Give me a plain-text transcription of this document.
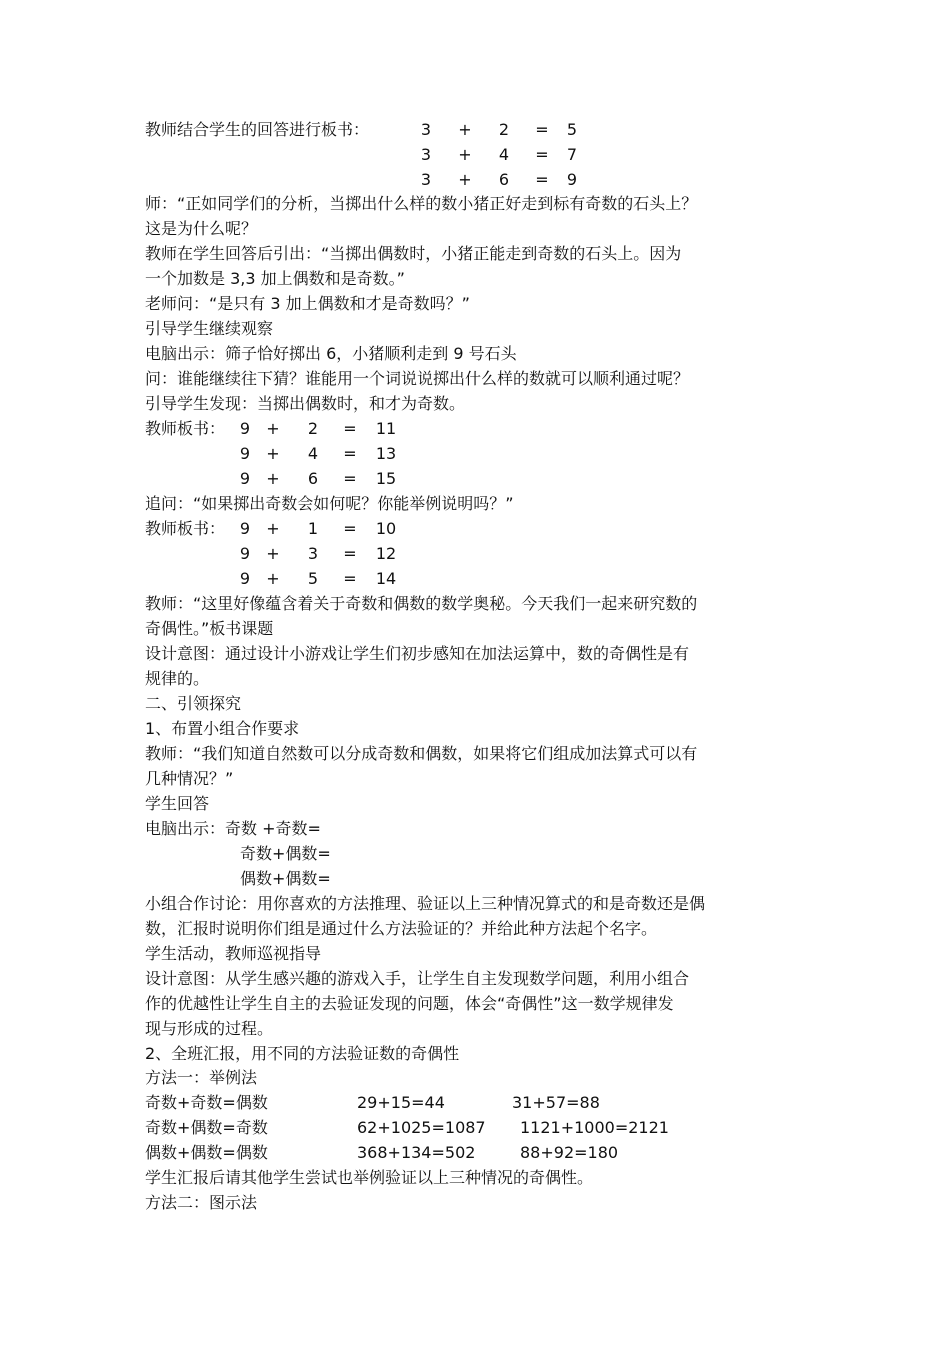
教师结合学生的回答进行板书：	3	+	2	=	5
3	+	4	=	7
3	+	6	=	9
师：“正如同学们的分析，当掷出什么样的数小猪正好走到标有奇数的石头上？
这是为什么呢？
教师在学生回答后引出：“当掷出偶数时，小猪正能走到奇数的石头上。因为
一个加数是 3,3 加上偶数和是奇数。”
老师问：“是只有 3 加上偶数和才是奇数吗？”
引导学生继续观察
电脑出示：筛子恰好掷出 6，小猪顺利走到 9 号石头
问：谁能继续往下猜？谁能用一个词说说掷出什么样的数就可以顺利通过呢？
引导学生发现：当掷出偶数时，和才为奇数。
教师板书： 9	+	2	=	11
9	+	4	=	13
9	+	6	=	15
追问：“如果掷出奇数会如何呢？你能举例说明吗？”
教师板书： 9	+	1	=	10
9	+	3	=	12
9	+	5	=	14
教师：“这里好像蕴含着关于奇数和偶数的数学奥秘。今天我们一起来研究数的
奇偶性。”板书课题
设计意图：通过设计小游戏让学生们初步感知在加法运算中，数的奇偶性是有
规律的。
二、引领探究
1、布置小组合作要求
教师：“我们知道自然数可以分成奇数和偶数，如果将它们组成加法算式可以有
几种情况？”
学生回答
电脑出示：奇数 +奇数=
奇数+偶数=
偶数+偶数=
小组合作讨论：用你喜欢的方法推理、验证以上三种情况算式的和是奇数还是偶
数，汇报时说明你们组是通过什么方法验证的？并给此种方法起个名字。
学生活动，教师巡视指导
设计意图：从学生感兴趣的游戏入手，让学生自主发现数学问题，利用小组合
作的优越性让学生自主的去验证发现的问题，体会“奇偶性”这一数学规律发
现与形成的过程。
2、全班汇报，用不同的方法验证数的奇偶性
方法一：举例法
奇数+奇数=偶数	29+15=44	31+57=88
奇数+偶数=奇数	62+1025=1087 1121+1000=2121
偶数+偶数=偶数	368+134=502	88+92=180
学生汇报后请其他学生尝试也举例验证以上三种情况的奇偶性。
方法二：图示法
